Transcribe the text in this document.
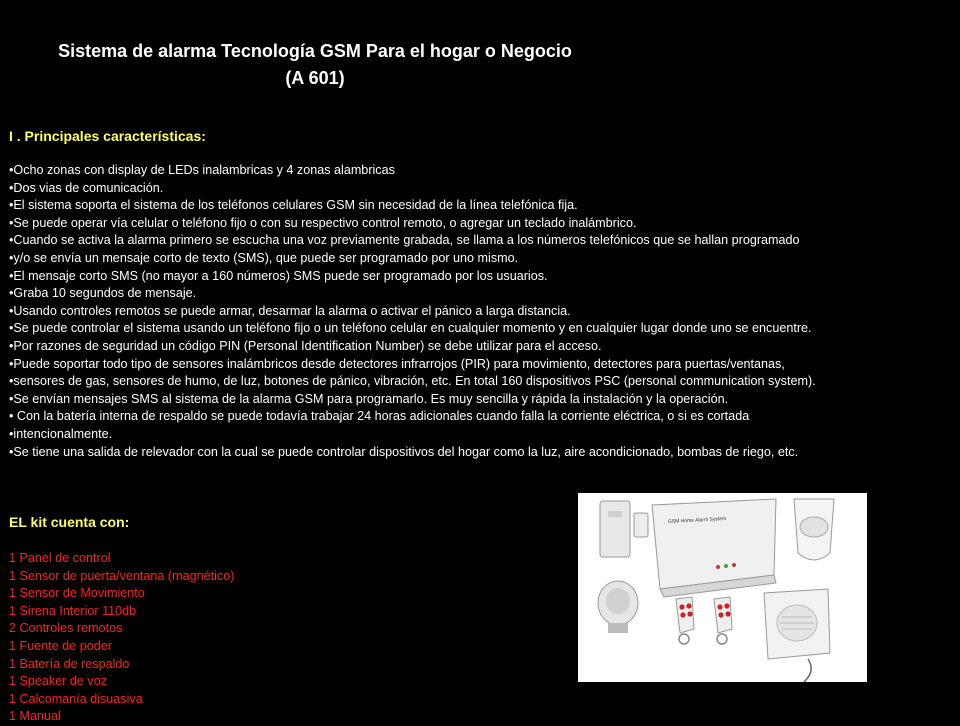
Sistema de alarma Tecnología GSM Para el hogar o Negocio
(A 601)
I . Principales características:
•Ocho zonas con display de LEDs inalambricas y 4 zonas alambricas
•Dos vias de comunicación.
•El sistema soporta el sistema de los teléfonos celulares GSM sin necesidad de la línea telefónica fija.
•Se puede operar vía celular o teléfono fijo o con su respectivo control remoto, o agregar un teclado inalámbrico.
•Cuando se activa la alarma primero se escucha una voz previamente grabada, se llama a los números telefónicos que se hallan programado
•y/o se envía un mensaje corto de texto (SMS), que puede ser programado por uno mismo.
•El mensaje corto SMS (no mayor a 160 números) SMS puede ser programado por los usuarios.
•Graba 10 segundos de mensaje.
•Usando controles remotos se puede armar, desarmar la alarma o activar el pánico a larga distancia.
•Se puede controlar el sistema usando un teléfono fijo o un teléfono celular en cualquier momento y en cualquier lugar donde uno se encuentre.
•Por razones de seguridad un código PIN (Personal Identification Number) se debe utilizar para el acceso.
•Puede soportar todo tipo de sensores inalámbricos desde detectores infrarrojos (PIR) para movimiento, detectores para puertas/ventanas,
•sensores de gas, sensores de humo, de luz, botones de pánico, vibración, etc. En total 160 dispositivos PSC (personal communication system).
•Se envían mensajes SMS al sistema de la alarma GSM para programarlo. Es muy sencilla y rápida la instalación y la operación.
• Con la batería interna de respaldo se puede todavía trabajar 24 horas adicionales cuando falla la corriente eléctrica, o si es cortada
•intencionalmente.
•Se tiene una salida de relevador con la cual se puede controlar dispositivos del hogar como la luz, aire acondicionado, bombas de riego, etc.
EL kit cuenta con:
1 Panel de control
1 Sensor de puerta/ventana (magnético)
1 Sensor de Movimiento
1 Sirena Interior 110db
2 Controles remotos
1 Fuente de poder
1 Batería de respaldo
1 Speaker de voz
1 Calcomanía disuasiva
1 Manual
GSM Home Alarm System
